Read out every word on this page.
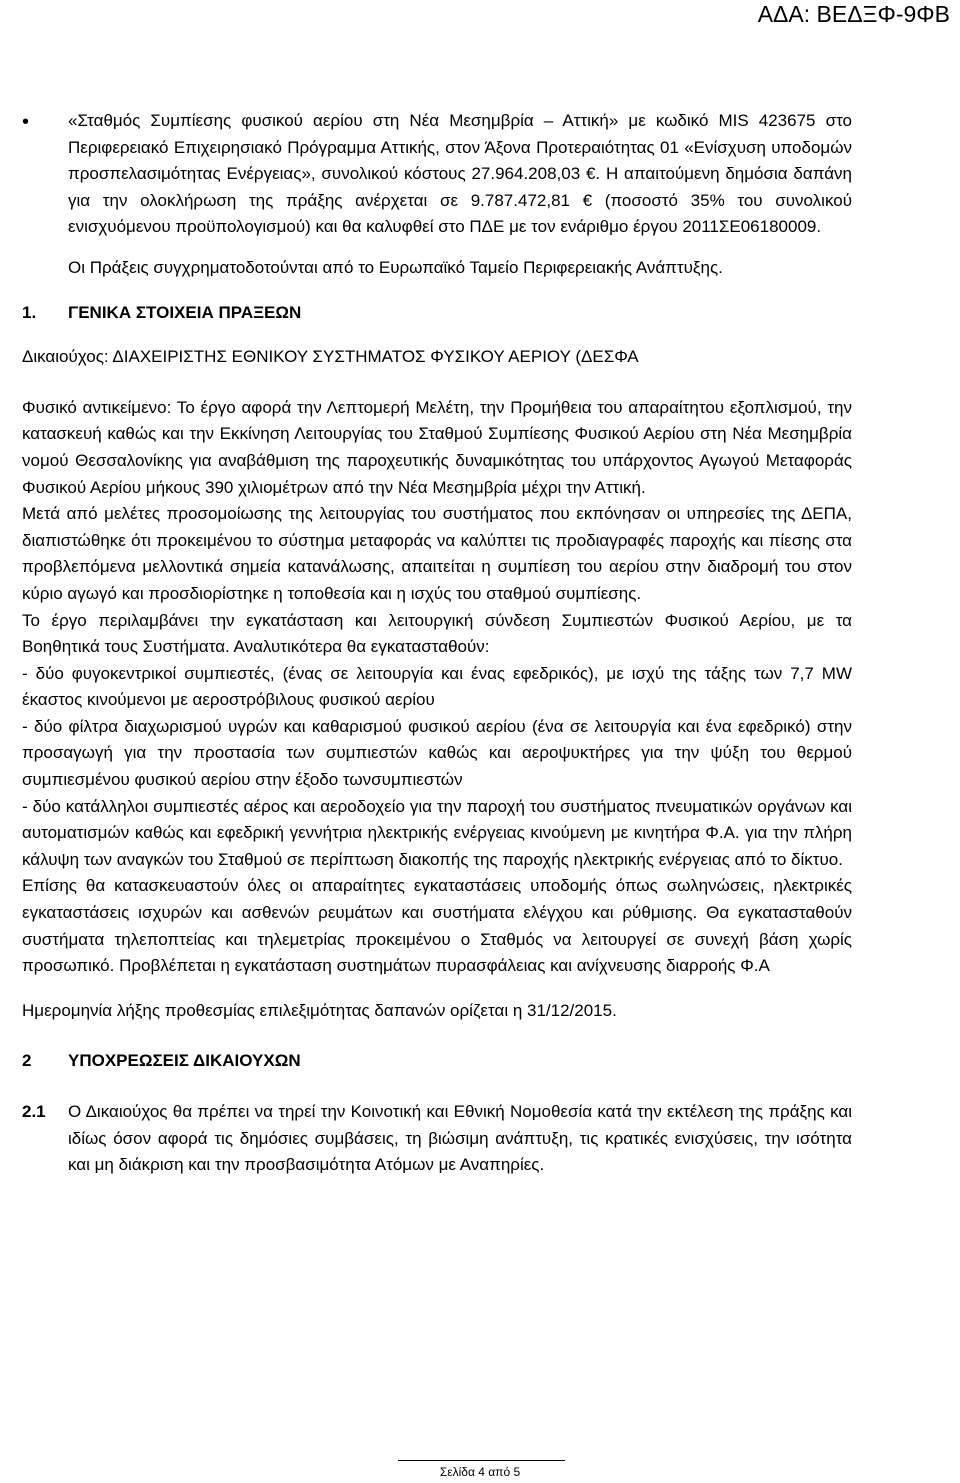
ΑΔΑ: ΒΕΔΞΦ-9ΦΒ
•	«Σταθμός Συμπίεσης φυσικού αερίου στη Νέα Μεσημβρία – Αττική» με κωδικό MIS 423675 στο Περιφερειακό Επιχειρησιακό Πρόγραμμα Αττικής, στον Άξονα Προτεραιότητας 01 «Ενίσχυση υποδομών προσπελασιμότητας Ενέργειας», συνολικού κόστους 27.964.208,03 €. Η απαιτούμενη δημόσια δαπάνη για την ολοκλήρωση της πράξης ανέρχεται σε 9.787.472,81 € (ποσοστό 35% του συνολικού ενισχυόμενου προϋπολογισμού) και θα καλυφθεί στο ΠΔΕ με τον ενάριθμο έργου 2011ΣΕ06180009.

Οι Πράξεις συγχρηματοδοτούνται από το Ευρωπαϊκό Ταμείο Περιφερειακής Ανάπτυξης.

1.	ΓΕΝΙΚΑ ΣΤΟΙΧΕΙΑ ΠΡΑΞΕΩΝ

Δικαιούχος: ΔΙΑΧΕΙΡΙΣΤΗΣ ΕΘΝΙΚΟΥ ΣΥΣΤΗΜΑΤΟΣ ΦΥΣΙΚΟΥ ΑΕΡΙΟΥ (ΔΕΣΦΑ

Φυσικό αντικείμενο: Το έργο αφορά την Λεπτομερή Μελέτη, την Προμήθεια του απαραίτητου εξοπλισμού, την κατασκευή καθώς και την Εκκίνηση Λειτουργίας του Σταθμού Συμπίεσης Φυσικού Αερίου στη Νέα Μεσημβρία νομού Θεσσαλονίκης για αναβάθμιση της παροχευτικής δυναμικότητας του υπάρχοντος Αγωγού Μεταφοράς Φυσικού Αερίου μήκους 390 χιλιομέτρων από την Νέα Μεσημβρία μέχρι την Αττική.

Μετά από μελέτες προσομοίωσης της λειτουργίας του συστήματος που εκπόνησαν οι υπηρεσίες της ΔΕΠΑ, διαπιστώθηκε ότι προκειμένου το σύστημα μεταφοράς να καλύπτει τις προδιαγραφές παροχής και πίεσης στα προβλεπόμενα μελλοντικά σημεία κατανάλωσης, απαιτείται η συμπίεση του αερίου στην διαδρομή του στον κύριο αγωγό και προσδιορίστηκε η τοποθεσία και η ισχύς του σταθμού συμπίεσης.

Το έργο περιλαμβάνει την εγκατάσταση και λειτουργική σύνδεση Συμπιεστών Φυσικού Αερίου, με τα Βοηθητικά τους Συστήματα. Αναλυτικότερα θα εγκατασταθούν:

- δύο φυγοκεντρικοί συμπιεστές, (ένας σε λειτουργία και ένας εφεδρικός), με ισχύ της τάξης των 7,7 MW έκαστος κινούμενοι με αεροστρόβιλους φυσικού αερίου

- δύο φίλτρα διαχωρισμού υγρών και καθαρισμού φυσικού αερίου (ένα σε λειτουργία και ένα εφεδρικό) στην προσαγωγή για την προστασία των συμπιεστών καθώς και αεροψυκτήρες για την ψύξη του θερμού συμπιεσμένου φυσικού αερίου στην έξοδο τωνσυμπιεστών

- δύο κατάλληλοι συμπιεστές αέρος και αεροδοχείο για την παροχή του συστήματος πνευματικών οργάνων και αυτοματισμών καθώς και εφεδρική γεννήτρια ηλεκτρικής ενέργειας κινούμενη με κινητήρα Φ.Α. για την πλήρη κάλυψη των αναγκών του Σταθμού σε περίπτωση διακοπής της παροχής ηλεκτρικής ενέργειας από το δίκτυο.

Επίσης θα κατασκευαστούν όλες οι απαραίτητες εγκαταστάσεις υποδομής όπως σωληνώσεις, ηλεκτρικές εγκαταστάσεις ισχυρών και ασθενών ρευμάτων και συστήματα ελέγχου και ρύθμισης. Θα εγκατασταθούν συστήματα τηλεποπτείας και τηλεμετρίας προκειμένου ο Σταθμός να λειτουργεί σε συνεχή βάση χωρίς προσωπικό. Προβλέπεται η εγκατάσταση συστημάτων πυρασφάλειας και ανίχνευσης διαρροής Φ.Α

Ημερομηνία λήξης προθεσμίας επιλεξιμότητας δαπανών ορίζεται η 31/12/2015.

2	ΥΠΟΧΡΕΩΣΕΙΣ ΔΙΚΑΙΟΥΧΩΝ
2.1	Ο Δικαιούχος θα πρέπει να τηρεί την Κοινοτική και Εθνική Νομοθεσία κατά την εκτέλεση της πράξης και ιδίως όσον αφορά τις δημόσιες συμβάσεις, τη βιώσιμη ανάπτυξη, τις κρατικές ενισχύσεις, την ισότητα και μη διάκριση και την προσβασιμότητα Ατόμων με Αναπηρίες.
Σελίδα 4 από 5
